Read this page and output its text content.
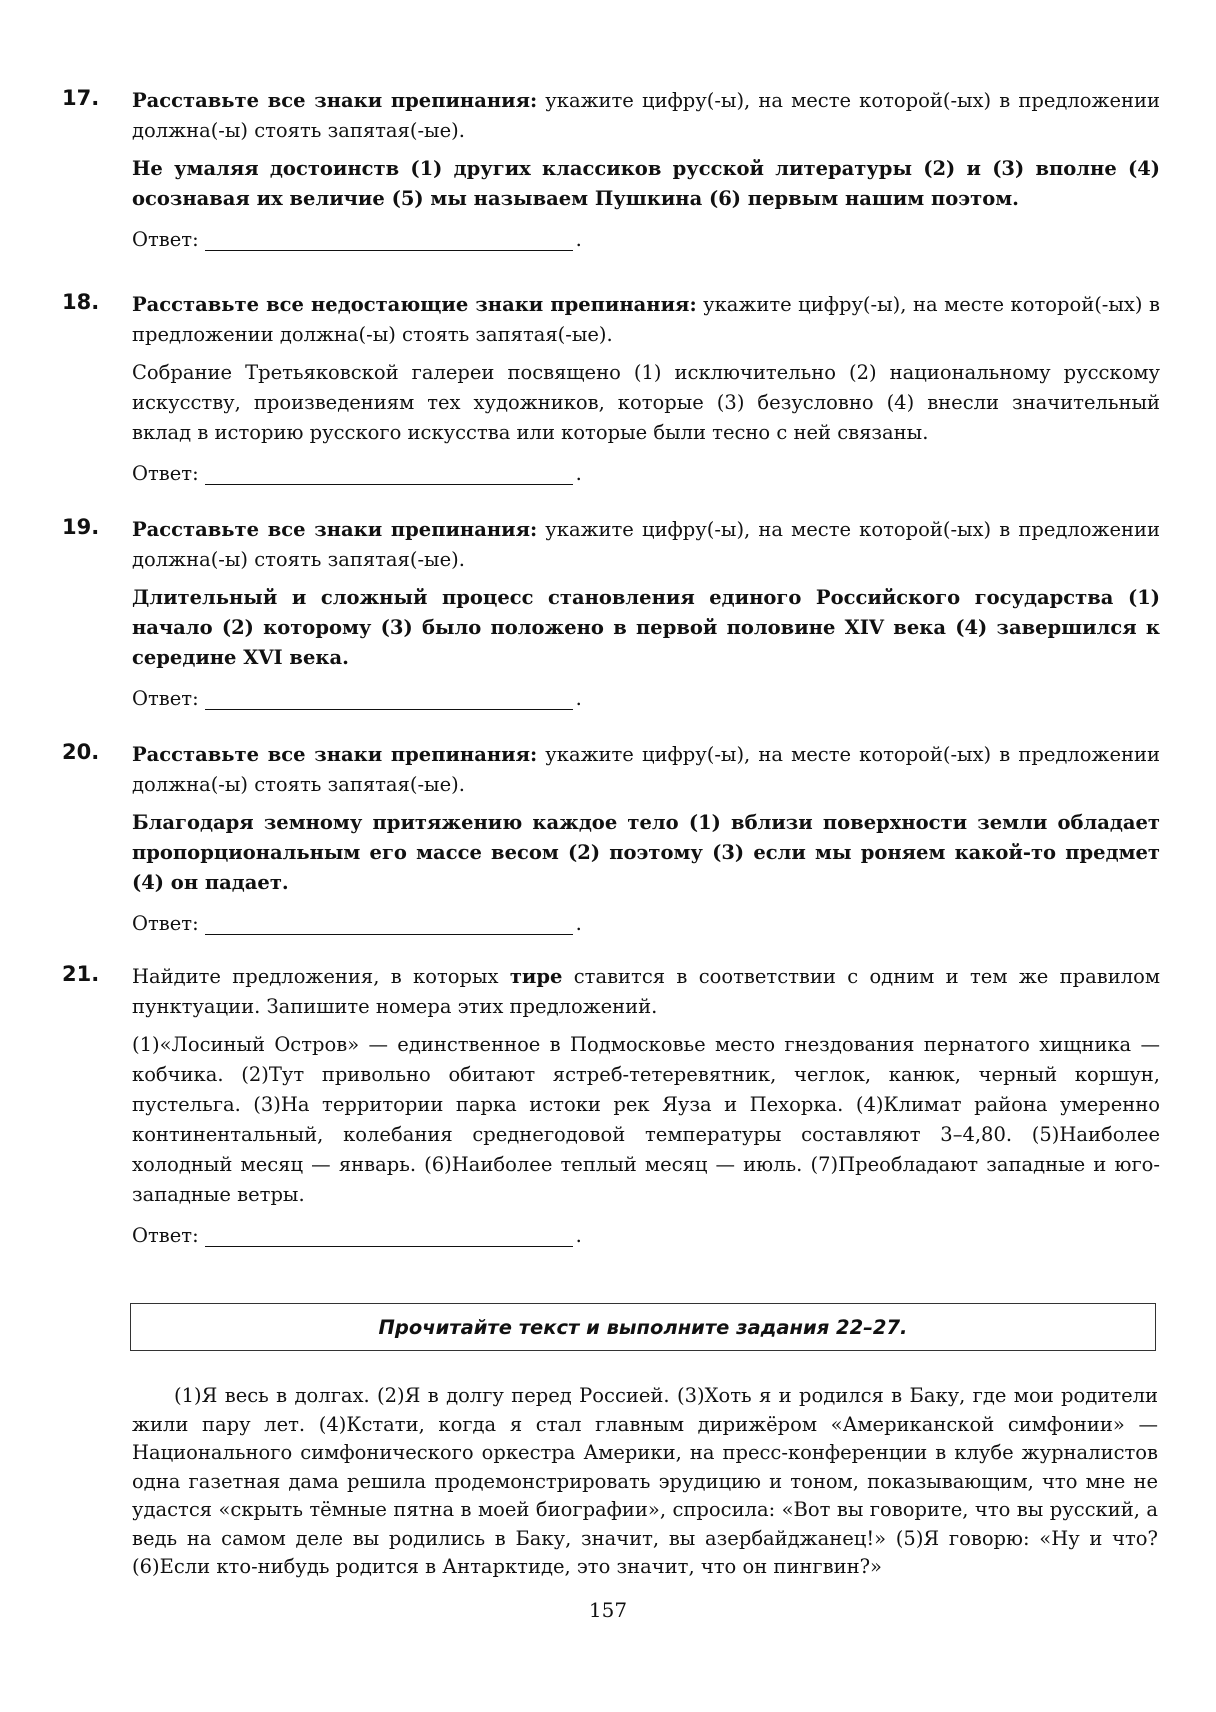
17. Расставьте все знаки препинания: укажите цифру(-ы), на месте которой(-ых) в предложении должна(-ы) стоять запятая(-ые).

Не умаляя достоинств (1) других классиков русской литературы (2) и (3) вполне (4) осознавая их величие (5) мы называем Пушкина (6) первым нашим поэтом.

Ответ:	.
18. Расставьте все недостающие знаки препинания: укажите цифру(-ы), на месте которой(-ых) в предложении должна(-ы) стоять запятая(-ые).

Собрание Третьяковской галереи посвящено (1) исключительно (2) национальному русскому искусству, произведениям тех художников, которые (3) безусловно (4) внесли значительный вклад в историю русского искусства или которые были тесно с ней связаны.

Ответ:	.
19. Расставьте все знаки препинания: укажите цифру(-ы), на месте которой(-ых) в предложении должна(-ы) стоять запятая(-ые).

Длительный и сложный процесс становления единого Российского государства (1) начало (2) которому (3) было положено в первой половине XIV века (4) завершился к середине XVI века.

Ответ:	.
20. Расставьте все знаки препинания: укажите цифру(-ы), на месте которой(-ых) в предложении должна(-ы) стоять запятая(-ые).

Благодаря земному притяжению каждое тело (1) вблизи поверхности земли обладает пропорциональным его массе весом (2) поэтому (3) если мы роняем какой-то предмет (4) он падает.

Ответ:	.
21. Найдите предложения, в которых тире ставится в соответствии с одним и тем же правилом пунктуации. Запишите номера этих предложений.

(1)«Лосиный Остров» — единственное в Подмосковье место гнездования пернатого хищника — кобчика. (2)Тут привольно обитают ястреб-тетеревятник, чеглок, канюк, черный коршун, пустельга. (3)На территории парка истоки рек Яуза и Пехорка. (4)Климат района умеренно континентальный, колебания среднегодовой температуры составляют 3–4,80. (5)Наиболее холодный месяц — январь. (6)Наиболее теплый месяц — июль. (7)Преобладают западные и юго-западные ветры.

Ответ:	.
Прочитайте текст и выполните задания 22–27.

(1)Я весь в долгах. (2)Я в долгу перед Россией. (3)Хоть я и родился в Баку, где мои родители жили пару лет. (4)Кстати, когда я стал главным дирижёром «Американской симфонии» — Национального симфонического оркестра Америки, на пресс-конференции в клубе журналистов одна газетная дама решила продемонстрировать эрудицию и тоном, показывающим, что мне не удастся «скрыть тёмные пятна в моей биографии», спросила: «Вот вы говорите, что вы русский, а ведь на самом деле вы родились в Баку, значит, вы азербайджанец!» (5)Я говорю: «Ну и что? (6)Если кто-нибудь родится в Антарктиде, это значит, что он пингвин?»

157
